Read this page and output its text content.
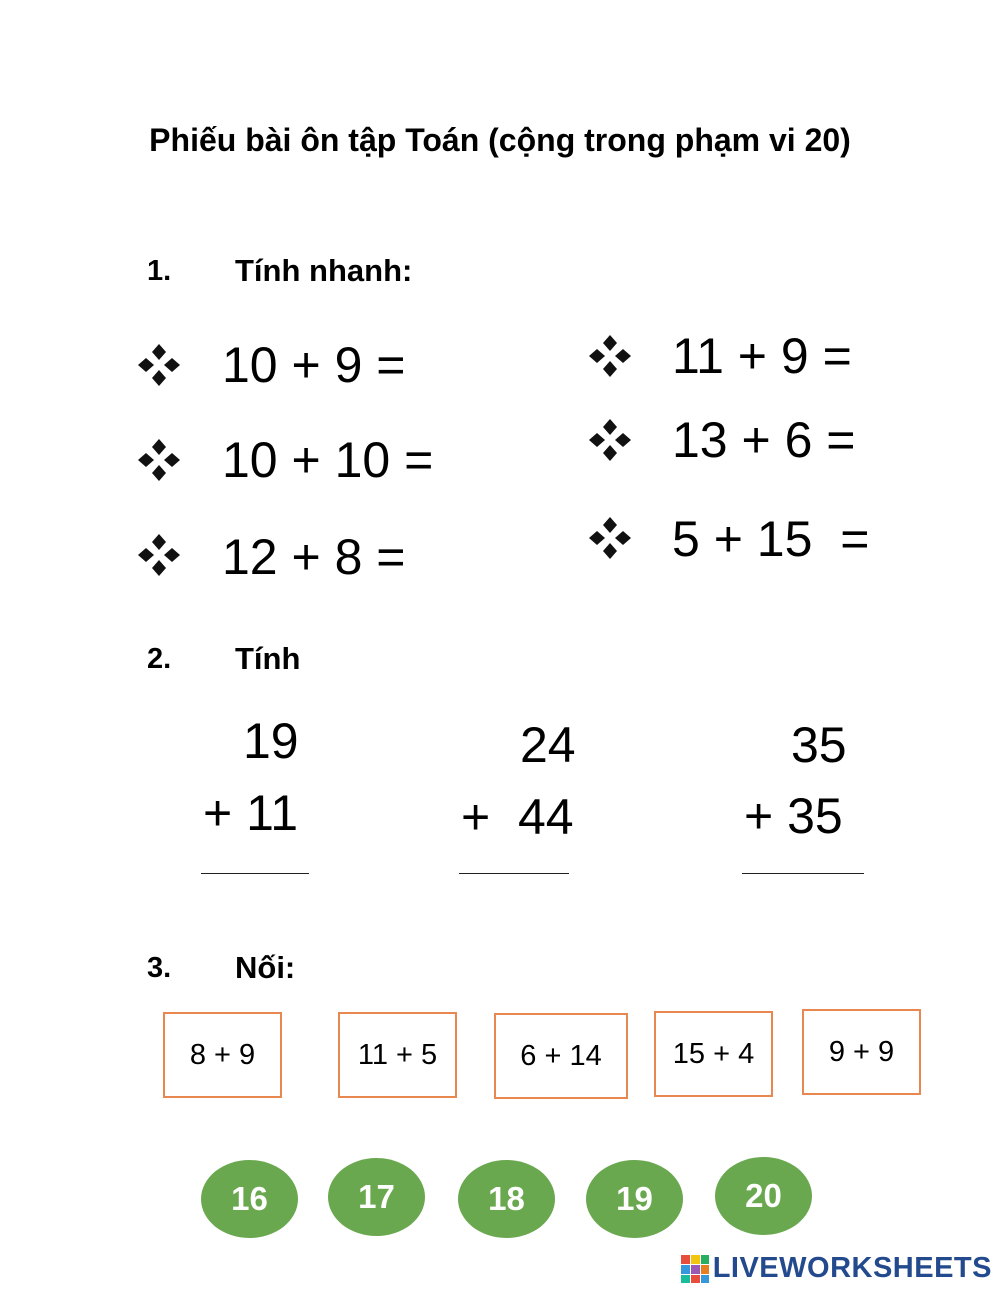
Phiếu bài ôn tập Toán (cộng trong phạm vi 20)
1. Tính nhanh:
10 + 9 =
10 + 10 =
12 + 8 =
11 + 9 =
13 + 6 =
5 + 15  =
2. Tính
19
+ 11
24
+  44
35
+ 35
3. Nối:
8 + 9	11 + 5	6 + 14	15 + 4	9 + 9
16	17	18	19	20
LIVEWORKSHEETS
